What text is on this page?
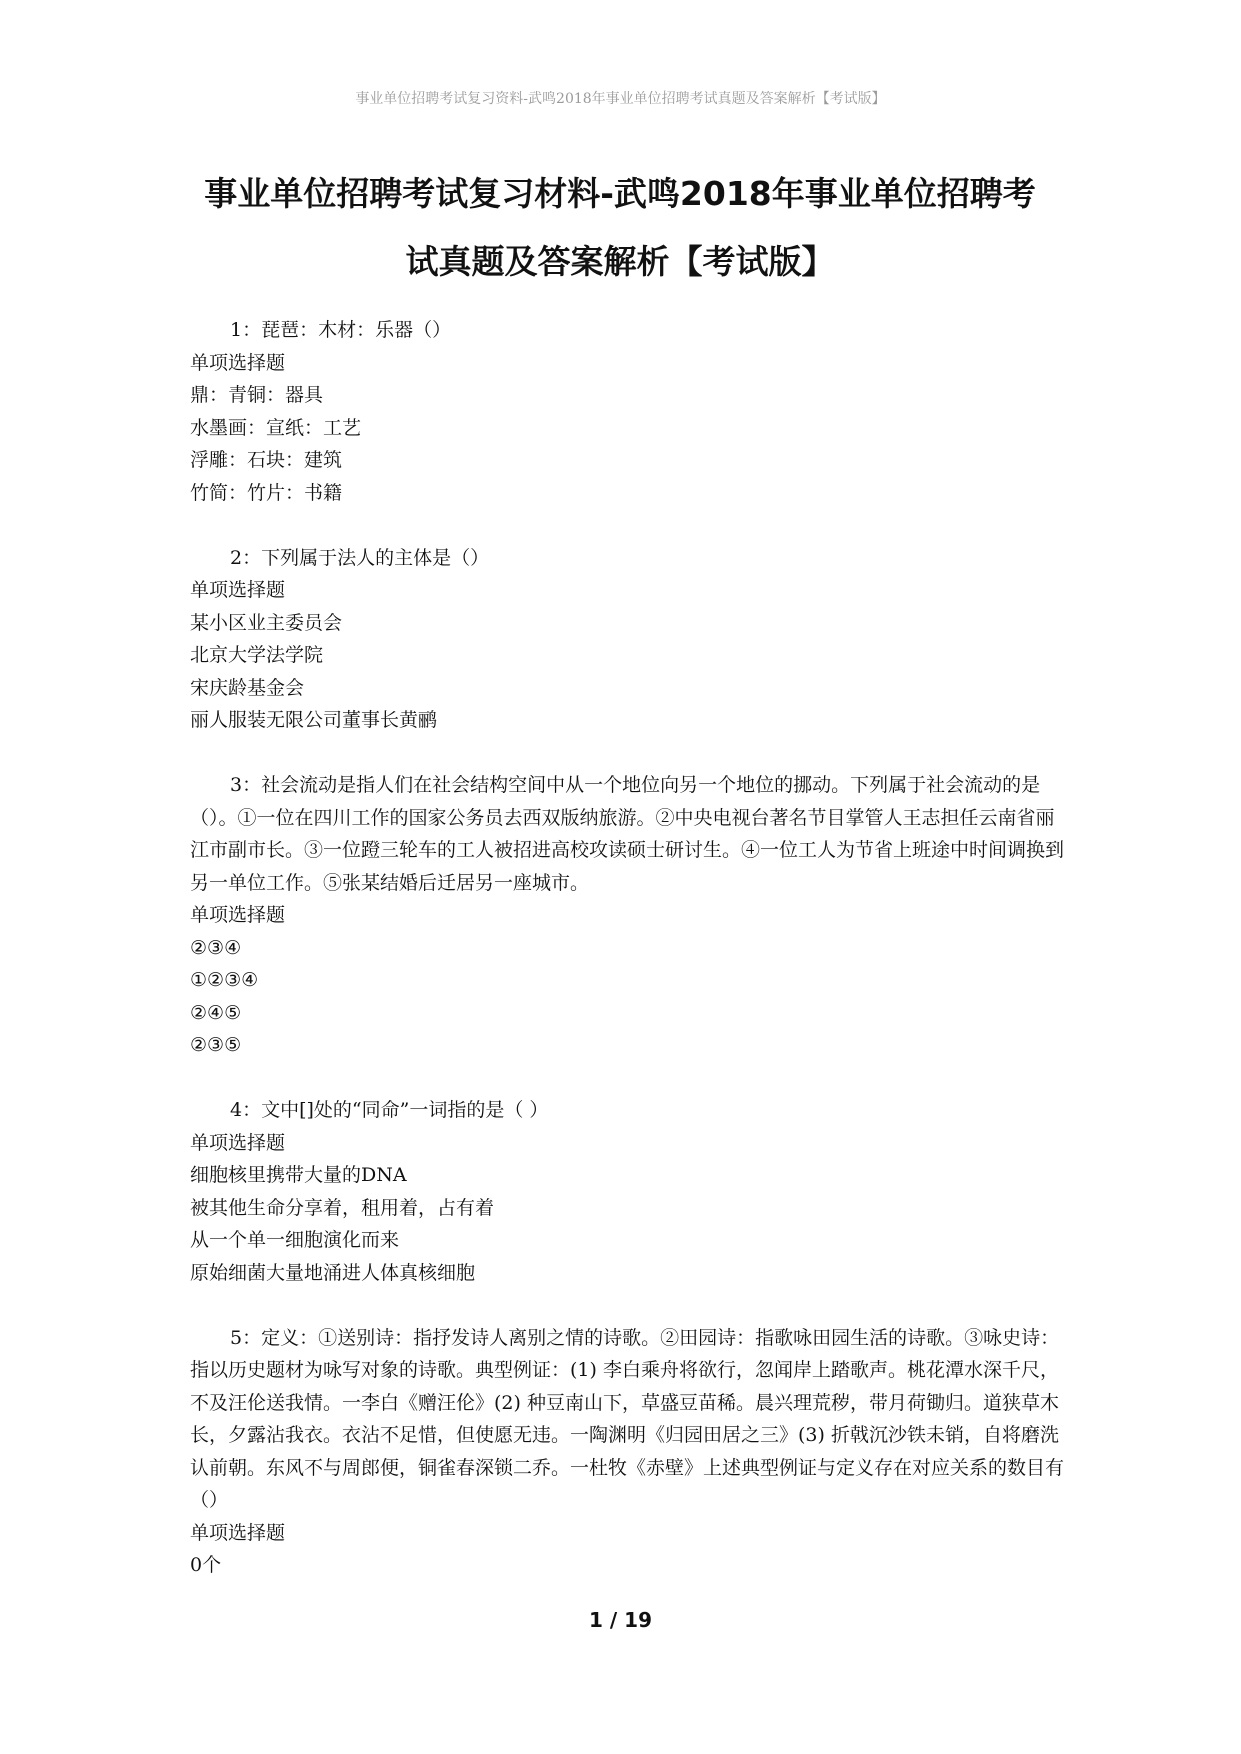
事业单位招聘考试复习资料-武鸣2018年事业单位招聘考试真题及答案解析【考试版】
事业单位招聘考试复习材料-武鸣2018年事业单位招聘考
试真题及答案解析【考试版】

1：琵琶：木材：乐器（）

单项选择题

鼎：青铜：器具

水墨画：宣纸：工艺

浮雕：石块：建筑

竹简：竹片：书籍

2：下列属于法人的主体是（）

单项选择题

某小区业主委员会

北京大学法学院

宋庆龄基金会

丽人服装无限公司董事长黄鹂

3：社会流动是指人们在社会结构空间中从一个地位向另一个地位的挪动。下列属于社会流动的是（）。①一位在四川工作的国家公务员去西双版纳旅游。②中央电视台著名节目掌管人王志担任云南省丽江市副市长。③一位蹬三轮车的工人被招进高校攻读硕士研讨生。④一位工人为节省上班途中时间调换到另一单位工作。⑤张某结婚后迁居另一座城市。

单项选择题

②③④

①②③④

②④⑤

②③⑤

4：文中[]处的“同命”一词指的是（ ）

单项选择题

细胞核里携带大量的DNA

被其他生命分享着，租用着，占有着

从一个单一细胞演化而来

原始细菌大量地涌进人体真核细胞

5：定义：①送别诗：指抒发诗人离别之情的诗歌。②田园诗：指歌咏田园生活的诗歌。③咏史诗：指以历史题材为咏写对象的诗歌。典型例证：(1) 李白乘舟将欲行，忽闻岸上踏歌声。桃花潭水深千尺，不及汪伦送我情。一李白《赠汪伦》(2) 种豆南山下，草盛豆苗稀。晨兴理荒秽，带月荷锄归。道狭草木长，夕露沾我衣。衣沾不足惜，但使愿无违。一陶渊明《归园田居之三》(3) 折戟沉沙铁未销，自将磨洗认前朝。东风不与周郎便，铜雀春深锁二乔。一杜牧《赤壁》上述典型例证与定义存在对应关系的数目有（）

单项选择题

0个

1 / 19
